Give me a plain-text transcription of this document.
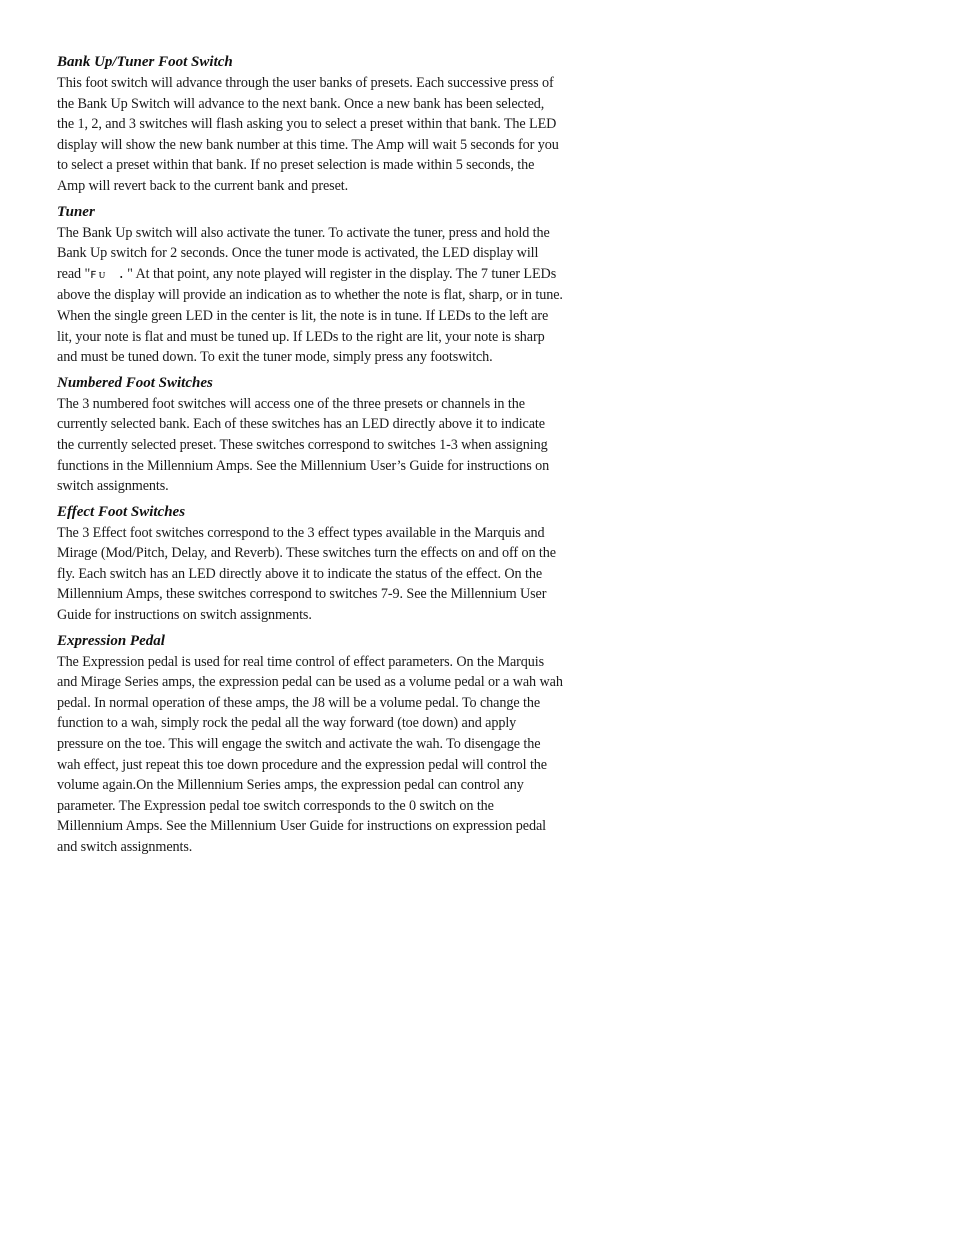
Bank Up/Tuner Foot Switch

This foot switch will advance through the user banks of presets. Each successive press of the Bank Up Switch will advance to the next bank. Once a new bank has been selected, the 1, 2, and 3 switches will flash asking you to select a preset within that bank. The LED display will show the new bank number at this time. The Amp will wait 5 seconds for you to select a preset within that bank. If no preset selection is made within 5 seconds, the Amp will revert back to the current bank and preset.

Tuner

The Bank Up switch will also activate the tuner. To activate the tuner, press and hold the Bank Up switch for 2 seconds. Once the tuner mode is activated, the LED display will read "ꜰᴜ ." At that point, any note played will register in the display. The 7 tuner LEDs above the display will provide an indication as to whether the note is flat, sharp, or in tune. When the single green LED in the center is lit, the note is in tune. If LEDs to the left are lit, your note is flat and must be tuned up. If LEDs to the right are lit, your note is sharp and must be tuned down. To exit the tuner mode, simply press any footswitch.

Numbered Foot Switches

The 3 numbered foot switches will access one of the three presets or channels in the currently selected bank. Each of these switches has an LED directly above it to indicate the currently selected preset. These switches correspond to switches 1-3 when assigning functions in the Millennium Amps. See the Millennium User’s Guide for instructions on switch assignments.

Effect Foot Switches

The 3 Effect foot switches correspond to the 3 effect types available in the Marquis and Mirage (Mod/Pitch, Delay, and Reverb). These switches turn the effects on and off on the fly. Each switch has an LED directly above it to indicate the status of the effect. On the Millennium Amps, these switches correspond to switches 7-9. See the Millennium User Guide for instructions on switch assignments.

Expression Pedal

The Expression pedal is used for real time control of effect parameters. On the Marquis and Mirage Series amps, the expression pedal can be used as a volume pedal or a wah wah pedal. In normal operation of these amps, the J8 will be a volume pedal. To change the function to a wah, simply rock the pedal all the way forward (toe down) and apply pressure on the toe. This will engage the switch and activate the wah. To disengage the wah effect, just repeat this toe down procedure and the expression pedal will control the volume again.On the Millennium Series amps, the expression pedal can control any parameter. The Expression pedal toe switch corresponds to the 0 switch on the Millennium Amps. See the Millennium User Guide for instructions on expression pedal and switch assignments.
